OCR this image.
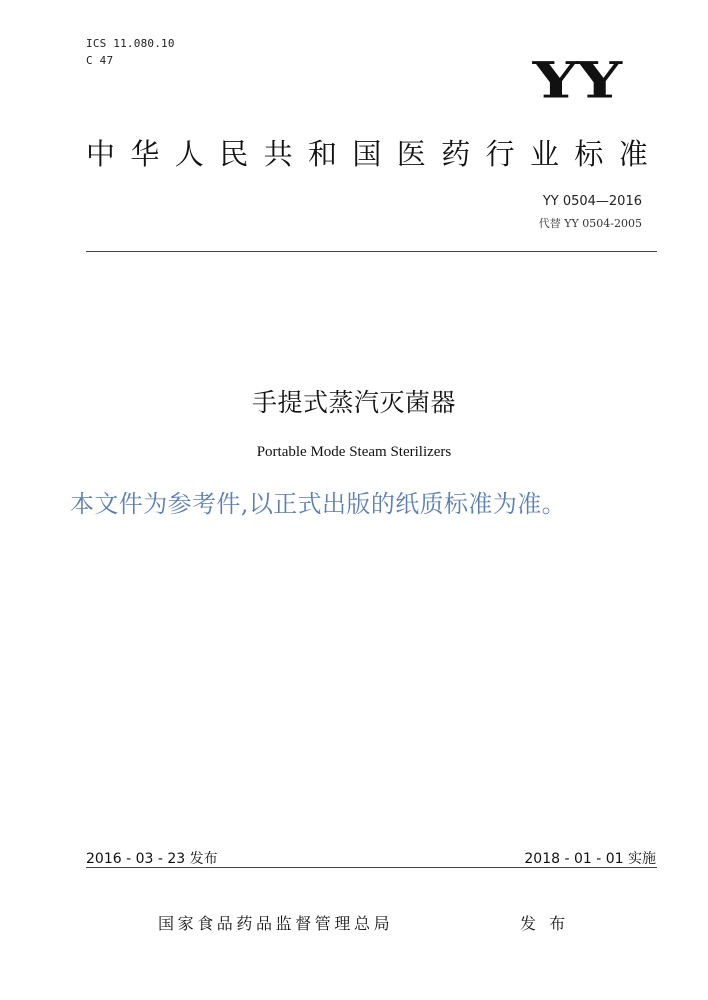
ICS 11.080.10
C 47	YY
中华人民共和国医药行业标准
YY 0504—2016
代替 YY 0504-2005
手提式蒸汽灭菌器
Portable Mode Steam Sterilizers
本文件为参考件,以正式出版的纸质标准为准。
2016 - 03 - 23 发布	2018 - 01 - 01 实施
国家食品药品监督管理总局	发 布
